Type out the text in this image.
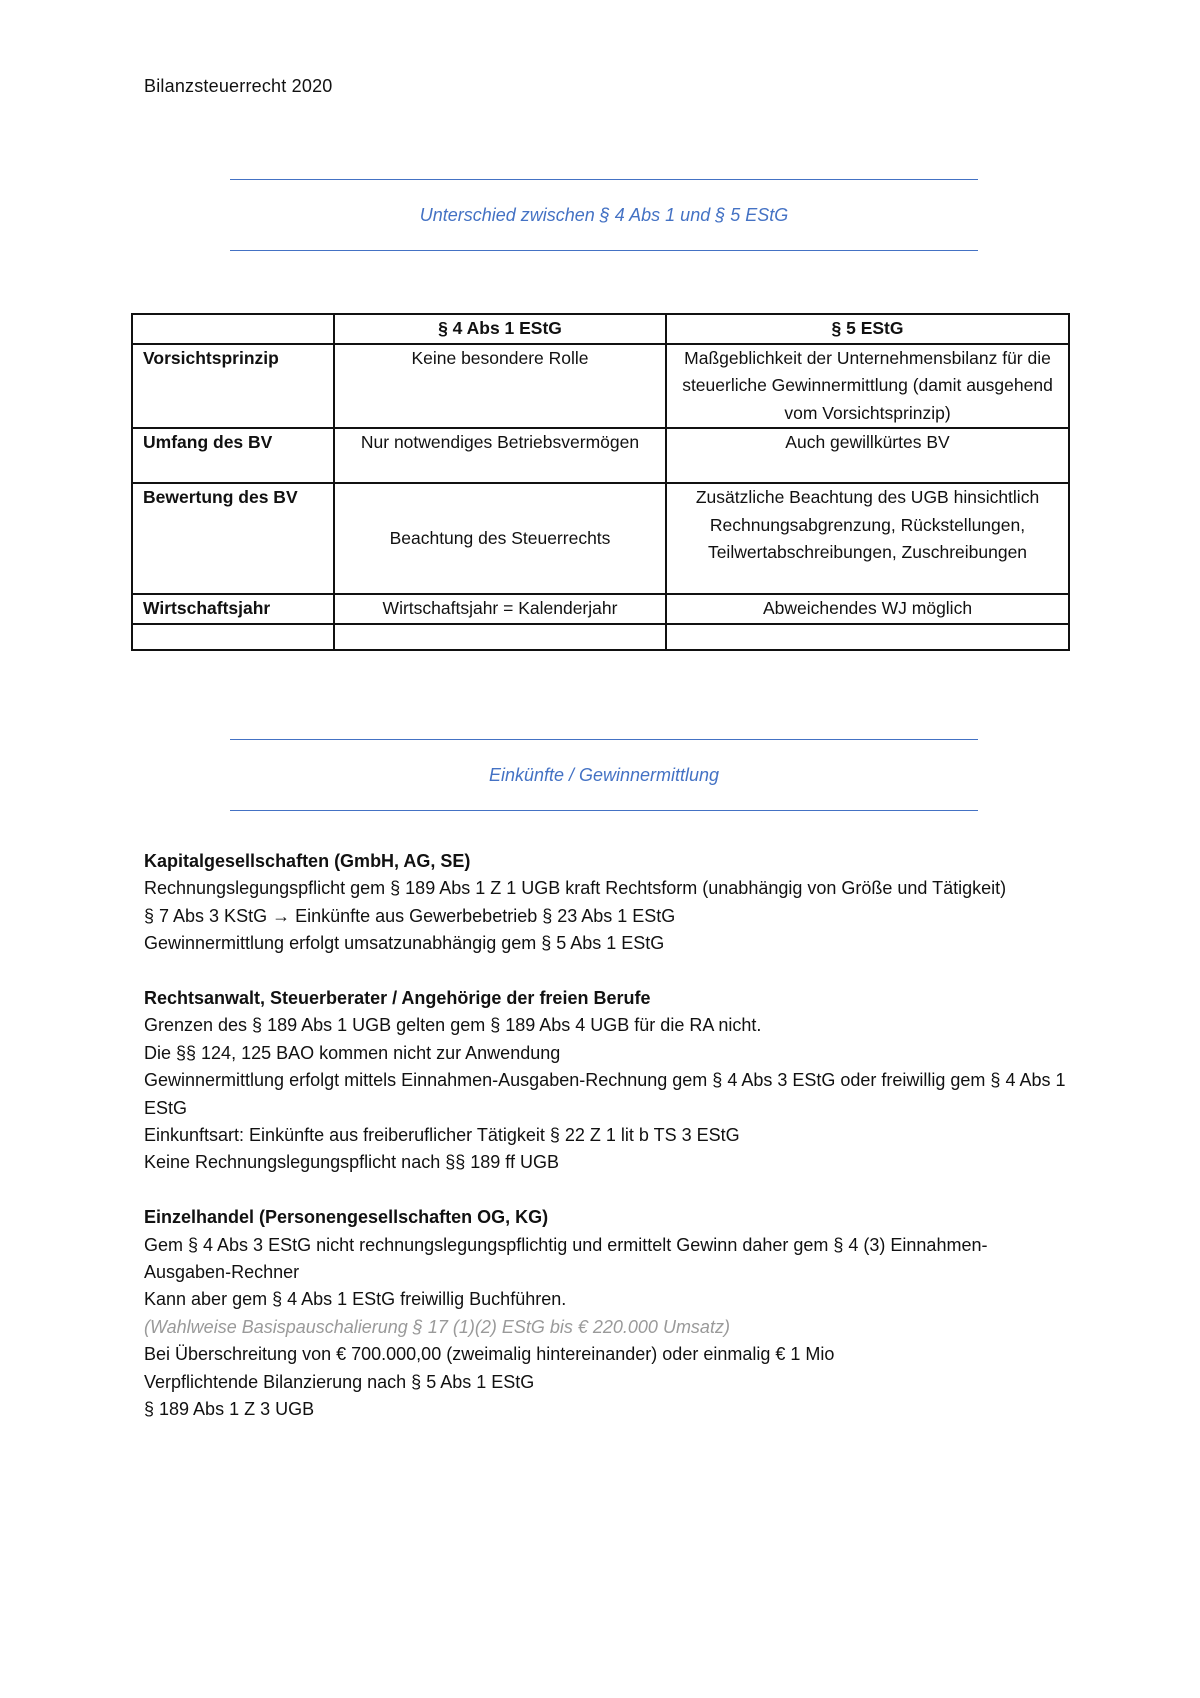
Bilanzsteuerrecht 2020
Unterschied zwischen § 4 Abs 1 und § 5 EStG
	§ 4 Abs 1 EStG	§ 5 EStG
Vorsichtsprinzip	Keine besondere Rolle	Maßgeblichkeit der Unternehmensbilanz für die steuerliche Gewinnermittlung (damit ausgehend vom Vorsichtsprinzip)
Umfang des BV	Nur notwendiges Betriebsvermögen	Auch gewillkürtes BV
Bewertung des BV	Beachtung des Steuerrechts	Zusätzliche Beachtung des UGB hinsichtlich Rechnungsabgrenzung, Rückstellungen, Teilwertabschreibungen, Zuschreibungen
Wirtschaftsjahr	Wirtschaftsjahr = Kalenderjahr	Abweichendes WJ möglich

Einkünfte / Gewinnermittlung
Kapitalgesellschaften (GmbH, AG, SE)
Rechnungslegungspflicht gem § 189 Abs 1 Z 1 UGB kraft Rechtsform (unabhängig von Größe und Tätigkeit)
§ 7 Abs 3 KStG → Einkünfte aus Gewerbebetrieb § 23 Abs 1 EStG
Gewinnermittlung erfolgt umsatzunabhängig gem § 5 Abs 1 EStG
Rechtsanwalt, Steuerberater / Angehörige der freien Berufe
Grenzen des § 189 Abs 1 UGB gelten gem § 189 Abs 4 UGB für die RA nicht.
Die §§ 124, 125 BAO kommen nicht zur Anwendung
Gewinnermittlung erfolgt mittels Einnahmen-Ausgaben-Rechnung gem § 4 Abs 3 EStG oder freiwillig gem § 4 Abs 1 EStG
Einkunftsart: Einkünfte aus freiberuflicher Tätigkeit § 22 Z 1 lit b TS 3 EStG
Keine Rechnungslegungspflicht nach §§ 189 ff UGB
Einzelhandel (Personengesellschaften OG, KG)
Gem § 4 Abs 3 EStG nicht rechnungslegungspflichtig und ermittelt Gewinn daher gem § 4 (3) Einnahmen-Ausgaben-Rechner
Kann aber gem § 4 Abs 1 EStG freiwillig Buchführen.
(Wahlweise Basispauschalierung § 17 (1)(2) EStG bis € 220.000 Umsatz)
Bei Überschreitung von € 700.000,00 (zweimalig hintereinander) oder einmalig € 1 Mio
Verpflichtende Bilanzierung nach § 5 Abs 1 EStG
§ 189 Abs 1 Z 3 UGB
